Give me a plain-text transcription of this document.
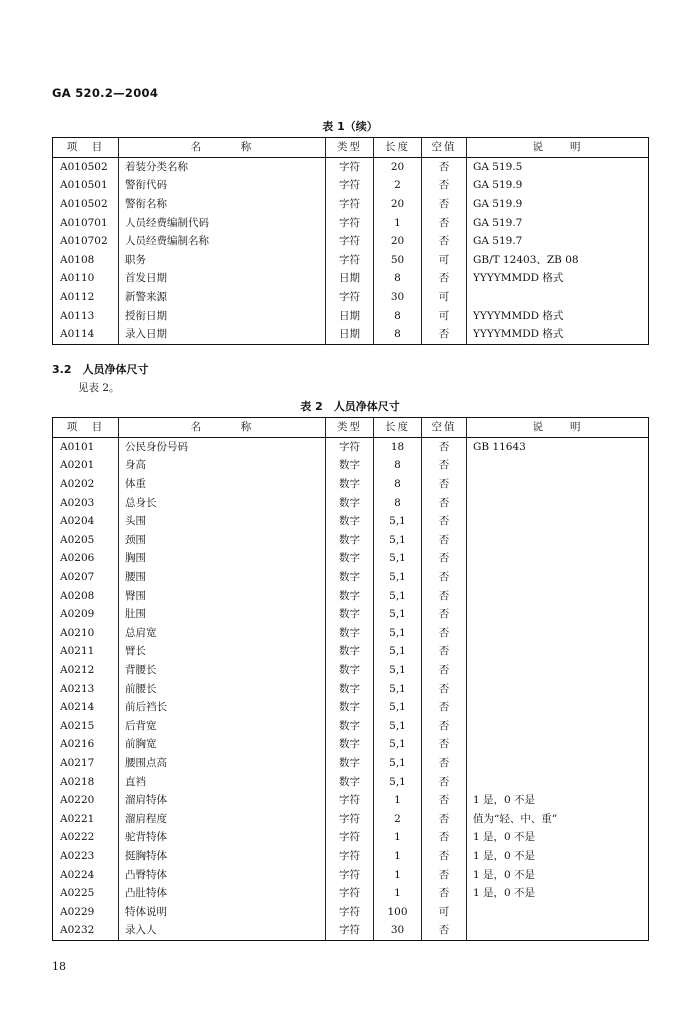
GA 520.2—2004
表 1（续）
项　目	名　　　称	类型	长度	空值	说　　明
A010502	着装分类名称	字符	20	否	GA 519.5
A010501	警衔代码	字符	2	否	GA 519.9
A010502	警衔名称	字符	20	否	GA 519.9
A010701	人员经费编制代码	字符	1	否	GA 519.7
A010702	人员经费编制名称	字符	20	否	GA 519.7
A0108	职务	字符	50	可	GB/T 12403、ZB 08
A0110	首发日期	日期	8	否	YYYYMMDD 格式
A0112	新警来源	字符	30	可	
A0113	授衔日期	日期	8	可	YYYYMMDD 格式
A0114	录入日期	日期	8	否	YYYYMMDD 格式
3.2　人员净体尺寸
见表 2。
表 2　人员净体尺寸
项　目	名　　　称	类型	长度	空值	说　　明
A0101	公民身份号码	字符	18	否	GB 11643
A0201	身高	数字	8	否	
A0202	体重	数字	8	否	
A0203	总身长	数字	8	否	
A0204	头围	数字	5,1	否	
A0205	颈围	数字	5,1	否	
A0206	胸围	数字	5,1	否	
A0207	腰围	数字	5,1	否	
A0208	臀围	数字	5,1	否	
A0209	肚围	数字	5,1	否	
A0210	总肩宽	数字	5,1	否	
A0211	臂长	数字	5,1	否	
A0212	背腰长	数字	5,1	否	
A0213	前腰长	数字	5,1	否	
A0214	前后裆长	数字	5,1	否	
A0215	后背宽	数字	5,1	否	
A0216	前胸宽	数字	5,1	否	
A0217	腰围点高	数字	5,1	否	
A0218	直裆	数字	5,1	否	
A0220	溜肩特体	字符	1	否	1 是，0 不是
A0221	溜肩程度	字符	2	否	值为“轻、中、重”
A0222	驼背特体	字符	1	否	1 是，0 不是
A0223	挺胸特体	字符	1	否	1 是，0 不是
A0224	凸臀特体	字符	1	否	1 是，0 不是
A0225	凸肚特体	字符	1	否	1 是，0 不是
A0229	特体说明	字符	100	可	
A0232	录入人	字符	30	否	
18
